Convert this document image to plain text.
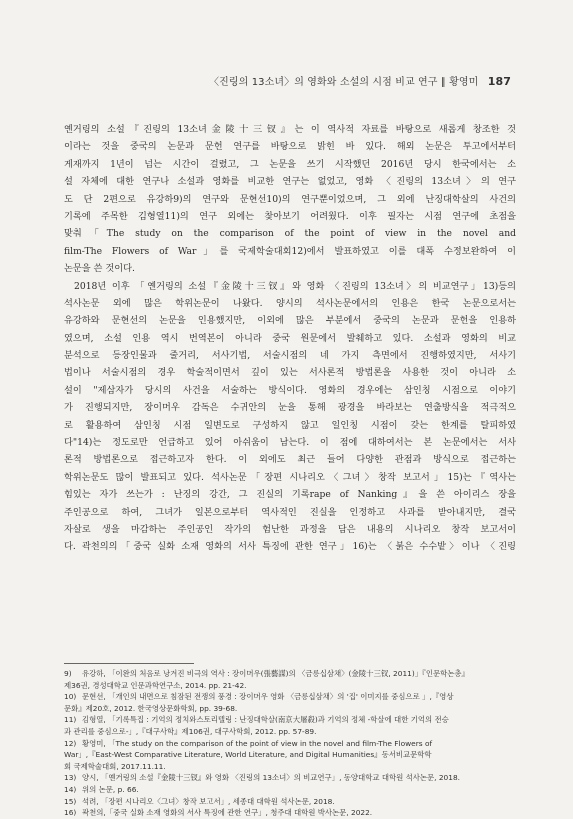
〈진링의 13소녀〉의 영화와 소설의 시점 비교 연구 ∥ 황영미 187
옌거링의 소설『진링의 13소녀金陵十三钗』는 이 역사적 자료를 바탕으로 새롭게 창조한 것
이라는 것을 중국의 논문과 문헌 연구를 바탕으로 밝힌 바 있다. 해외 논문은 투고에서부터
게재까지 1년이 넘는 시간이 걸렸고, 그 논문을 쓰기 시작했던 2016년 당시 한국에서는 소
설 자체에 대한 연구나 소설과 영화를 비교한 연구는 없었고, 영화 〈진링의 13소녀〉의 연구
도 단 2편으로 유강하9)의 연구와 문현선10)의 연구뿐이었으며, 그 외에 난징대학살의 사건의
기록에 주목한 김형열11)의 연구 외에는 찾아보기 어려웠다. 이후 필자는 시점 연구에 초점을
맞춰「The study on the comparison of the point of view in the novel and
film-The Flowers of War」를 국제학술대회12)에서 발표하였고 이를 대폭 수정보완하여 이
논문을 쓴 것이다.
2018년 이후 「옌거링의 소설『金陵十三钗』와 영화 〈진링의 13소녀〉의 비교연구」13)등의
석사논문 외에 많은 학위논문이 나왔다. 양시의 석사논문에서의 인용은 한국 논문으로서는
유강하와 문현선의 논문을 인용했지만, 이외에 많은 부분에서 중국의 논문과 문헌을 인용하
였으며, 소설 인용 역시 번역본이 아니라 중국 원문에서 발췌하고 있다. 소설과 영화의 비교
분석으로 등장인물과 줄거리, 서사기법, 서술시점의 네 가지 측면에서 진행하였지만, 서사기
법이나 서술시점의 경우 학술적이면서 깊이 있는 서사론적 방법론을 사용한 것이 아니라 소
설이 "제삼자가 당시의 사건을 서술하는 방식이다. 영화의 경우에는 삼인칭 시점으로 이야기
가 진행되지만, 장이머우 감독은 수귀안의 눈을 통해 광경을 바라보는 연출방식을 적극적으
로 활용하여 삼인칭 시점 일변도로 구성하지 않고 일인칭 시점이 갖는 한계를 탈피하였
다"14)는 정도로만 언급하고 있어 아쉬움이 남는다. 이 점에 대하여서는 본 논문에서는 서사
론적 방법론으로 접근하고자 한다. 이 외에도 최근 들어 다양한 관점과 방식으로 접근하는
학위논문도 많이 발표되고 있다. 석사논문「장편 시나리오〈그녀〉창작 보고서」15)는『역사는
힘있는 자가 쓰는가 : 난징의 강간, 그 진실의 기록rape of Nanking』을 쓴 아이리스 장을
주인공으로 하여, 그녀가 일본으로부터 역사적인 진실을 인정하고 사과를 받아내지만, 결국
자살로 생을 마감하는 주인공인 작가의 험난한 과정을 담은 내용의 시나리오 창작 보고서이
다. 곽천의의「중국 실화 소재 영화의 서사 특징에 관한 연구」16)는 〈붉은 수수밭〉이나 〈진링
9)	유강하, 「이완의 처음로 낭겨진 비극의 역사 : 장이머우(張藝謀)의 〈금릉십삼채〉(金陵十三钗, 2011)」『인문학논총』
제36권, 경성대학교 인문과학연구소, 2014. pp. 21-42.
10) 문현선, 「개인의 내면으로 침잠된 전쟁의 풍경 : 장이머우 영화 〈금릉십삼채〉의 '집' 이미지를 중심으로 」,『영상
문화』제20호, 2012. 한국영상문화학회, pp. 39-68.
11) 김형열, 「기록특집 : 기억의 정치와스토리텔링 : 난징대학살(南京大屠殺)과 기억의 정체 -학살에 대한 기억의 전승
과 관리를 중심으로-」,『대구사학』제106권, 대구사학회, 2012. pp. 57-89.
12) 황영미, 「The study on the comparison of the point of view in the novel and film-The Flowers of
War」,『East-West Comparative Literature, World Literature, and Digital Humanities』동서비교문학학
회 국제학술대회, 2017.11.11.
13) 양시, 「옌거링의 소설『金陵十三钗』와 영화 〈진링의 13소녀〉의 비교연구」, 동양대학교 대학원 석사논문, 2018.
14) 위의 논문, p. 66.
15) 석려, 「장편 시나리오〈그녀〉창작 보고서」, 세종대 대학원 석사논문, 2018.
16) 곽천의,「중국 실화 소재 영화의 서사 특징에 관한 연구」, 청주대 대학원 박사논문, 2022.
